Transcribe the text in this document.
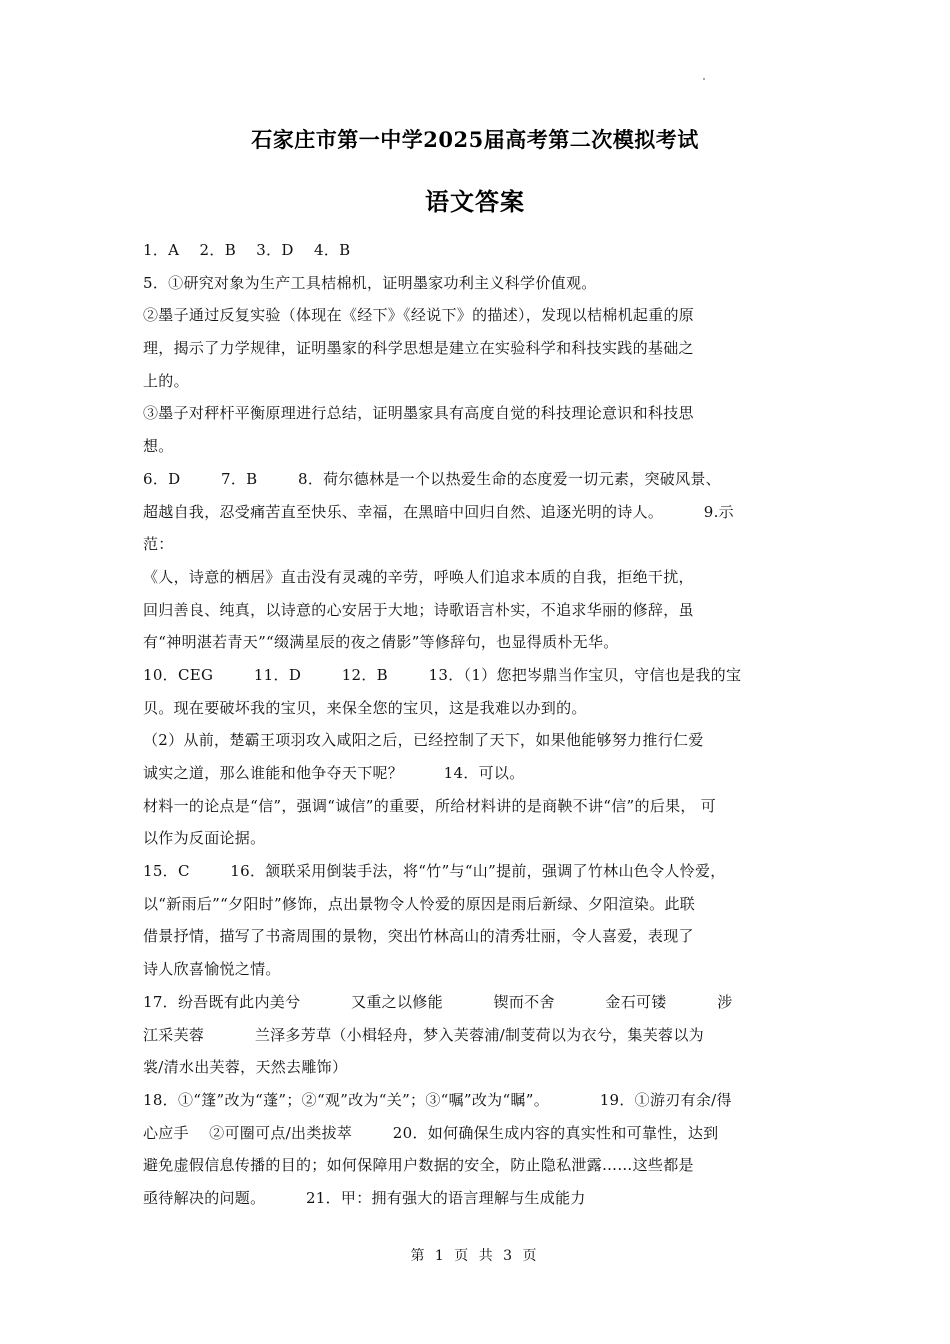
石家庄市第一中学2025届高考第二次模拟考试
语文答案
1．A    2．B    3．D    4．B
5．①研究对象为生产工具桔棉机，证明墨家功利主义科学价值观。
②墨子通过反复实验（体现在《经下》《经说下》的描述），发现以桔棉机起重的原
理，揭示了力学规律，证明墨家的科学思想是建立在实验科学和科技实践的基础之
上的。
③墨子对秤杆平衡原理进行总结，证明墨家具有高度自觉的科技理论意识和科技思
想。
6．D        7．B        8．荷尔德林是一个以热爱生命的态度爱一切元素，突破风景、
超越自我，忍受痛苦直至快乐、幸福，在黑暗中回归自然、追逐光明的诗人。        9.示
范：
《人，诗意的栖居》直击没有灵魂的辛劳，呼唤人们追求本质的自我，拒绝干扰，
回归善良、纯真，以诗意的心安居于大地；诗歌语言朴实，不追求华丽的修辞，虽
有“神明湛若青天”“缀满星辰的夜之倩影”等修辞句，也显得质朴无华。
10．CEG        11．D        12．B        13．（1）您把岑鼎当作宝贝，守信也是我的宝
贝。现在要破坏我的宝贝，来保全您的宝贝，这是我难以办到的。
（2）从前，楚霸王项羽攻入咸阳之后，已经控制了天下，如果他能够努力推行仁爱
诚实之道，那么谁能和他争夺天下呢？        14．可以。
材料一的论点是“信”，强调“诚信”的重要，所给材料讲的是商鞅不讲“信”的后果， 可
以作为反面论据。
15．C        16．颔联采用倒装手法，将“竹”与“山”提前，强调了竹林山色令人怜爱，
以“新雨后”“夕阳时”修饰，点出景物令人怜爱的原因是雨后新绿、夕阳渲染。此联
借景抒情，描写了书斋周围的景物，突出竹林高山的清秀壮丽，令人喜爱，表现了
诗人欣喜愉悦之情。
17．纷吾既有此内美兮          又重之以修能          锲而不舍          金石可镂          涉
江采芙蓉          兰泽多芳草（小楫轻舟，梦入芙蓉浦/制芰荷以为衣兮，集芙蓉以为
裳/清水出芙蓉，天然去雕饰）
18．①“篷”改为“蓬”；②“观”改为“关”；③“嘱”改为“瞩”。          19．①游刃有余/得
心应手    ②可圈可点/出类拔萃        20．如何确保生成内容的真实性和可靠性，达到
避免虚假信息传播的目的；如何保障用户数据的安全，防止隐私泄露……这些都是
亟待解决的问题。        21．甲：拥有强大的语言理解与生成能力
第 1 页 共 3 页
